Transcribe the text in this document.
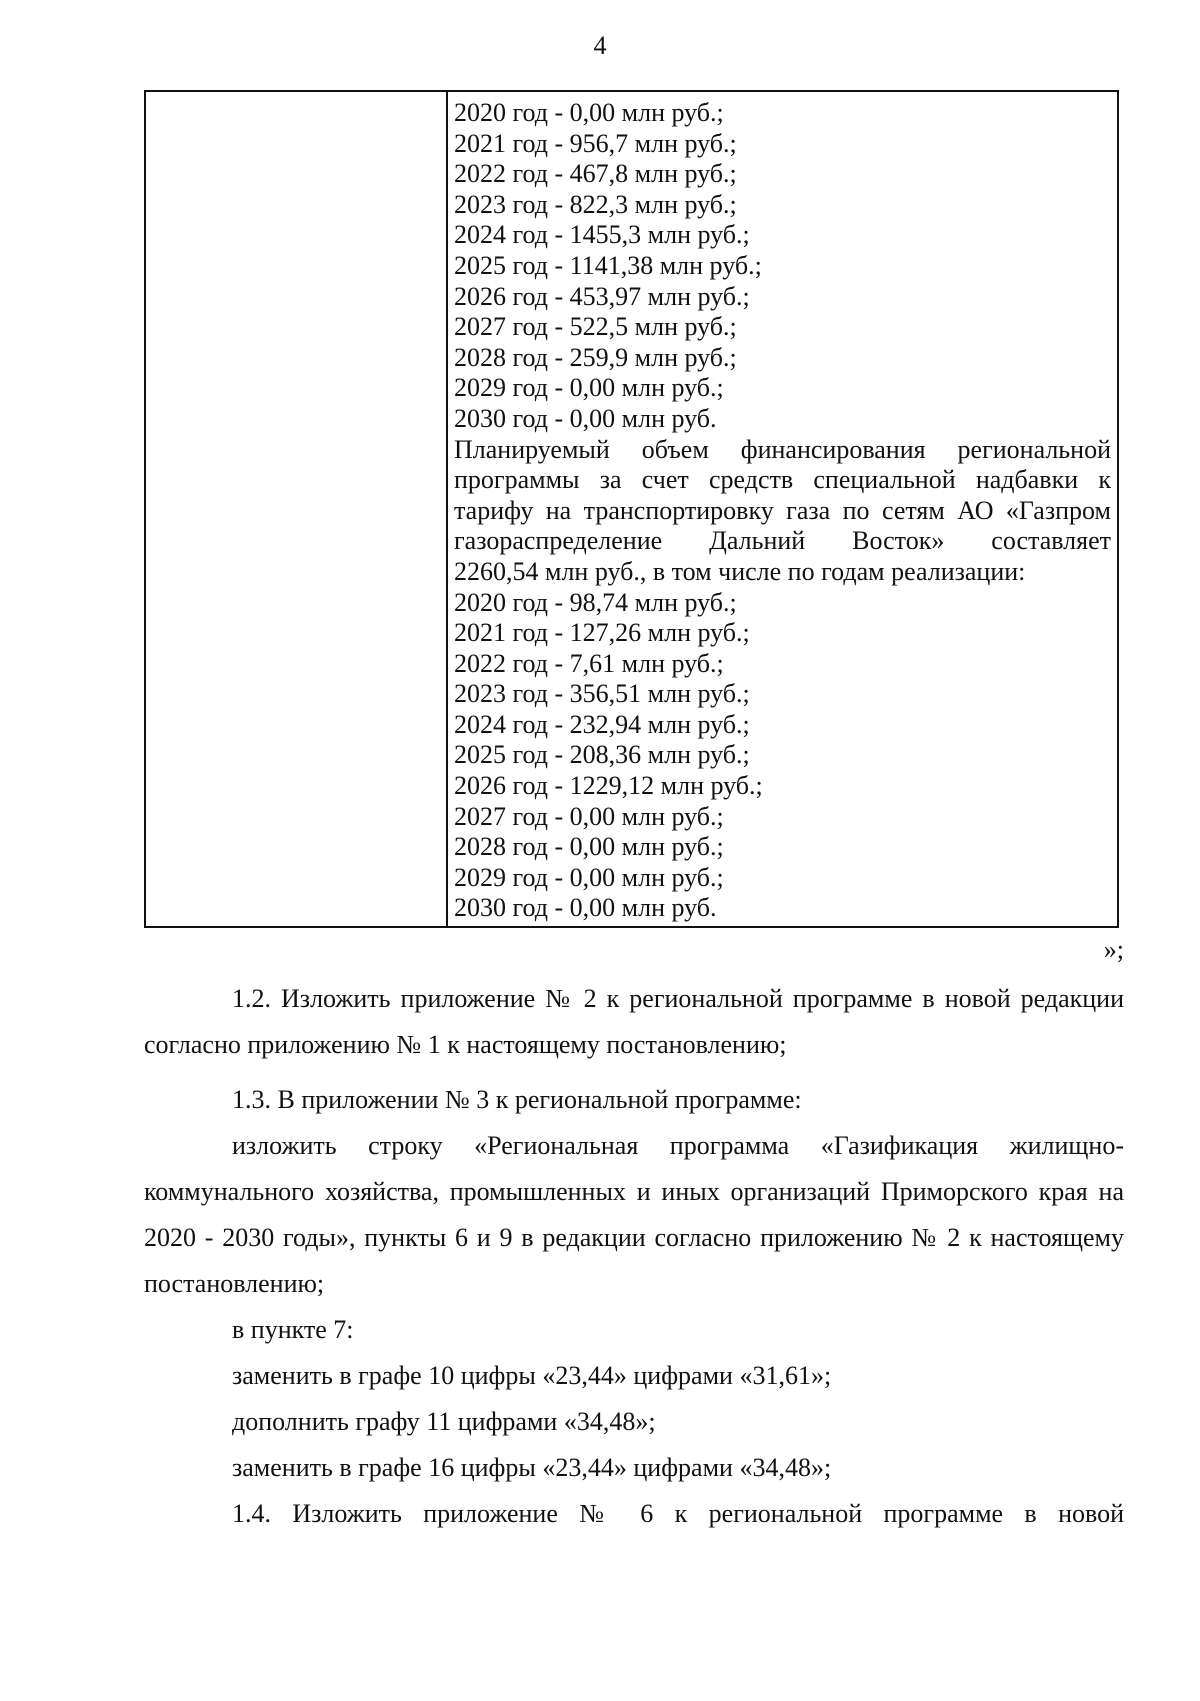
4
2020 год - 0,00 млн руб.;
2021 год - 956,7 млн руб.;
2022 год - 467,8 млн руб.;
2023 год - 822,3 млн руб.;
2024 год - 1455,3 млн руб.;
2025 год - 1141,38 млн руб.;
2026 год - 453,97 млн руб.;
2027 год - 522,5 млн руб.;
2028 год - 259,9 млн руб.;
2029 год - 0,00 млн руб.;
2030 год - 0,00 млн руб.
Планируемый объем финансирования региональной
программы за счет средств специальной надбавки к
тарифу на транспортировку газа по сетям АО «Газпром
газораспределение Дальний Восток» составляет
2260,54 млн руб., в том числе по годам реализации:
2020 год - 98,74 млн руб.;
2021 год - 127,26 млн руб.;
2022 год - 7,61 млн руб.;
2023 год - 356,51 млн руб.;
2024 год - 232,94 млн руб.;
2025 год - 208,36 млн руб.;
2026 год - 1229,12 млн руб.;
2027 год - 0,00 млн руб.;
2028 год - 0,00 млн руб.;
2029 год - 0,00 млн руб.;
2030 год - 0,00 млн руб.
»;

1.2. Изложить приложение № 2 к региональной программе в новой редакции согласно приложению № 1 к настоящему постановлению;

1.3. В приложении № 3 к региональной программе:

изложить строку «Региональная программа «Газификация жилищно-коммунального хозяйства, промышленных и иных организаций Приморского края на 2020 - 2030 годы», пункты 6 и 9 в редакции согласно приложению № 2 к настоящему постановлению;

в пункте 7:

заменить в графе 10 цифры «23,44» цифрами «31,61»;

дополнить графу 11 цифрами «34,48»;

заменить в графе 16 цифры «23,44» цифрами «34,48»;

1.4. Изложить приложение № 6 к региональной программе в новой
